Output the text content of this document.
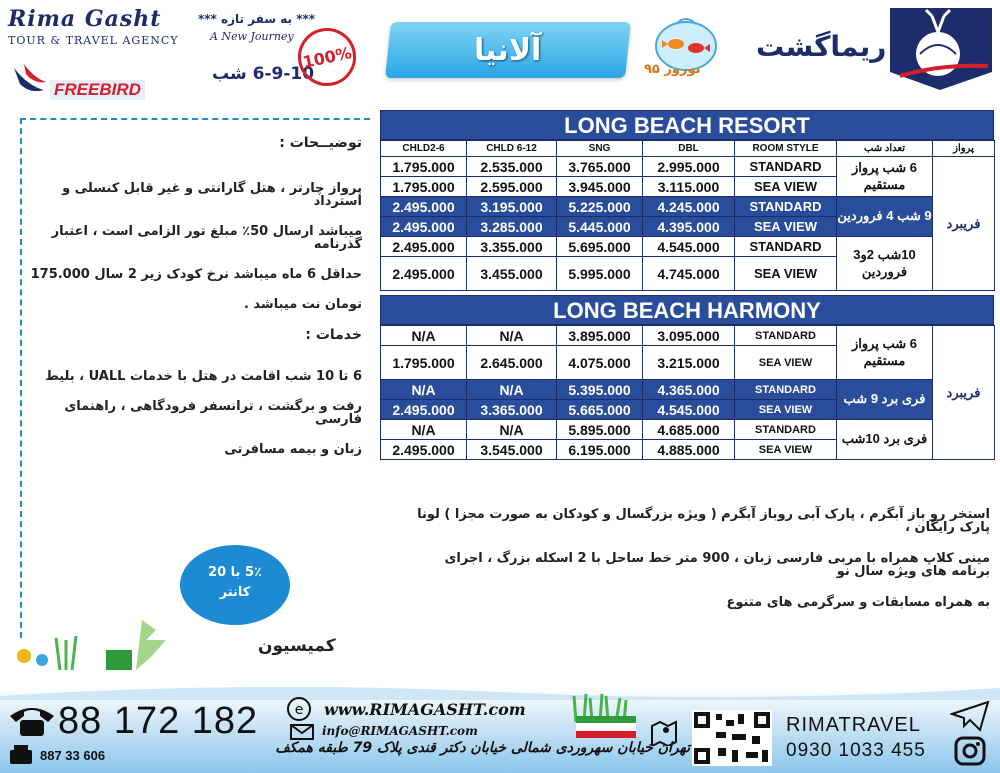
Rima Gasht
TOUR & TRAVEL AGENCY
*** به سفر تازه ***
A New Journey
FREEBIRD
6-9-10 شب
100%	آلانیا
نوروز ۹۵
ریماگشت
توضیــحات :

پرواز چارتر ، هتل گارانتی و غیر قابل کنسلی و استرداد

میباشد ارسال 50٪ مبلغ تور الزامی است ، اعتبار گذرنامه

حداقل 6 ماه میباشد نرخ کودک زیر 2 سال 175.000

تومان نت میباشد .

خدمات :

6 تا 10 شب اقامت در هتل با خدمات UALL ، بلیط

رفت و برگشت ، ترانسفر فرودگاهی ، راهنمای فارسی

زبان و بیمه مسافرتی

5٪ با 20
کانتر
کمیسیون
LONG BEACH RESORT
CHLD2-6	CHLD 6-12	SNG	DBL	ROOM STYLE	تعداد شب	پرواز
1.795.000	2.535.000	3.765.000	2.995.000	STANDARD	6 شب پرواز مستقیم	فریبرد
1.795.000	2.595.000	3.945.000	3.115.000	SEA VIEW		
2.495.000	3.195.000	5.225.000	4.245.000	STANDARD	9 شب 4 فروردین	
2.495.000	3.285.000	5.445.000	4.395.000	SEA VIEW		
2.495.000	3.355.000	5.695.000	4.545.000	STANDARD	10شب 2و3 فروردین	
2.495.000	3.455.000	5.995.000	4.745.000	SEA VIEW		
LONG BEACH HARMONY
N/A	N/A	3.895.000	3.095.000	STANDARD	6 شب پرواز مستقیم	فریبرد
1.795.000	2.645.000	4.075.000	3.215.000	SEA VIEW		
N/A	N/A	5.395.000	4.365.000	STANDARD	فری برد 9 شب	
2.495.000	3.365.000	5.665.000	4.545.000	SEA VIEW		
N/A	N/A	5.895.000	4.685.000	STANDARD	فری برد 10شب	
2.495.000	3.545.000	6.195.000	4.885.000	SEA VIEW		

استخر رو باز آبگرم ، پارک آبی روباز آبگرم ( ویژه بزرگسال و کودکان به صورت مجزا ) لونا پارک رایگان ،

مینی کلاپ همراه با مربی فارسی زبان ، 900 متر خط ساحل با 2 اسکله بزرگ ، اجرای برنامه های ویژه سال نو

به همراه مسابقات و سرگرمی های متنوع

88 172 182
887 33 606
e www.RIMAGASHT.com
info@RIMAGASHT.com
تهران خیابان سهروردی شمالی خیابان دکتر قندی پلاک 79 طبقه همکف
RIMATRAVEL
0930 1033 455
